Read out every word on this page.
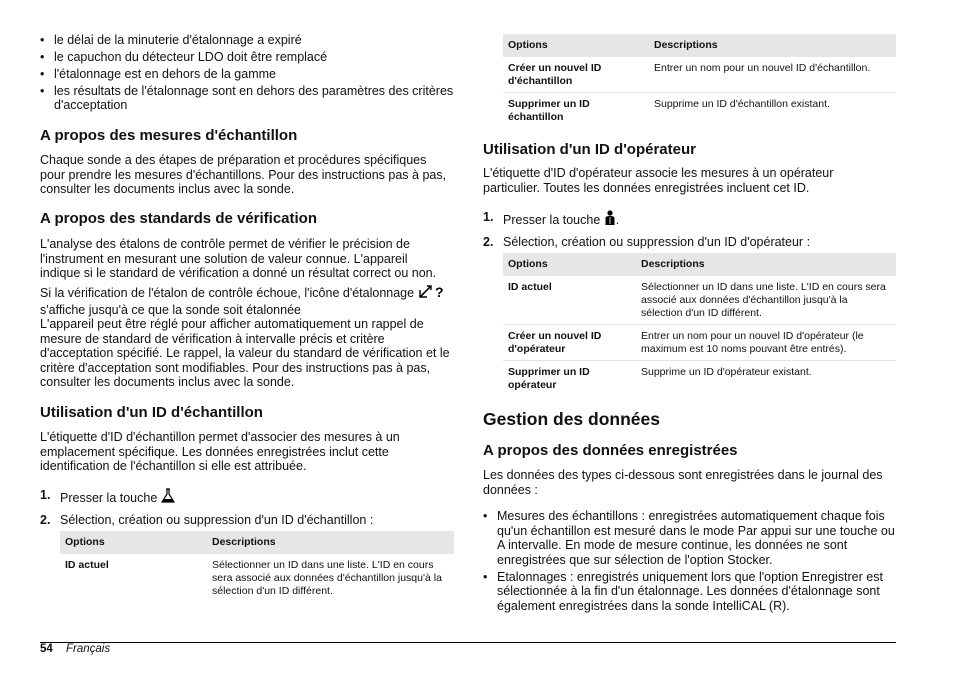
• le délai de la minuterie d'étalonnage a expiré
• le capuchon du détecteur LDO doit être remplacé
• l'étalonnage est en dehors de la gamme
• les résultats de l'étalonnage sont en dehors des paramètres des critères d'acceptation
A propos des mesures d'échantillon

Chaque sonde a des étapes de préparation et procédures spécifiques pour prendre les mesures d'échantillons. Pour des instructions pas à pas, consulter les documents inclus avec la sonde.

A propos des standards de vérification

L'analyse des étalons de contrôle permet de vérifier le précision de l'instrument en mesurant une solution de valeur connue. L'appareil indique si le standard de vérification a donné un résultat correct ou non.

Si la vérification de l'étalon de contrôle échoue, l'icône d'étalonnage ?

s'affiche jusqu'à ce que la sonde soit étalonnée

L'appareil peut être réglé pour afficher automatiquement un rappel de mesure de standard de vérification à intervalle précis et critère d'acceptation spécifié. Le rappel, la valeur du standard de vérification et le critère d'acceptation sont modifiables. Pour des instructions pas à pas, consulter les documents inclus avec la sonde.

Utilisation d'un ID d'échantillon

L'étiquette d'ID d'échantillon permet d'associer des mesures à un emplacement spécifique. Les données enregistrées inclut cette identification de l'échantillon si elle est attribuée.

1. Presser la touche
2. Sélection, création ou suppression d'un ID d'échantillon :
Options	Descriptions
ID actuel	Sélectionner un ID dans une liste. L'ID en cours sera associé aux données d'échantillon jusqu'à la sélection d'un ID différent.
Options	Descriptions
Créer un nouvel ID d'échantillon	Entrer un nom pour un nouvel ID d'échantillon.
Supprimer un ID échantillon	Supprime un ID d'échantillon existant.
Utilisation d'un ID d'opérateur

L'étiquette d'ID d'opérateur associe les mesures à un opérateur particulier. Toutes les données enregistrées incluent cet ID.

1. Presser la touche .
2. Sélection, création ou suppression d'un ID d'opérateur :
Options	Descriptions
ID actuel	Sélectionner un ID dans une liste. L'ID en cours sera associé aux données d'échantillon jusqu'à la sélection d'un ID différent.
Créer un nouvel ID d'opérateur	Entrer un nom pour un nouvel ID d'opérateur (le maximum est 10 noms pouvant être entrés).
Supprimer un ID opérateur	Supprime un ID d'opérateur existant.
Gestion des données
A propos des données enregistrées

Les données des types ci-dessous sont enregistrées dans le journal des données :

• Mesures des échantillons : enregistrées automatiquement chaque fois qu'un échantillon est mesuré dans le mode Par appui sur une touche ou A intervalle. En mode de mesure continue, les données ne sont enregistrées que sur sélection de l'option Stocker.
• Etalonnages : enregistrés uniquement lors que l'option Enregistrer est sélectionnée à la fin d'un étalonnage. Les données d'étalonnage sont également enregistrées dans la sonde IntelliCAL (R).
54 Français
